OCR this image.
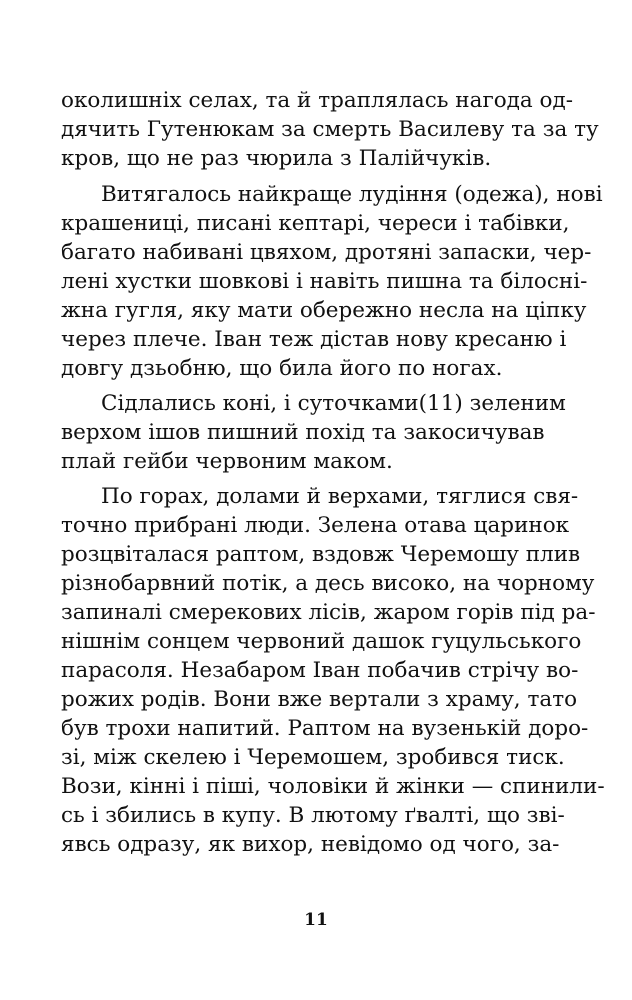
околишніх селах, та й траплялась нагода од-
дячить Гутенюкам за смерть Василеву та за ту
кров, що не раз чюрила з Палійчуків.
Витягалось найкраще лудіння (одежа), нові
крашениці, писані кептарі, череси і табівки,
багато набивані цвяхом, дротяні запаски, чер-
лені хустки шовкові і навіть пишна та білосні-
жна гугля, яку мати обережно несла на ціпку
через плече. Іван теж дістав нову кресаню і
довгу дзьобню, що била його по ногах.
Сідлались коні, і суточками(11) зеленим
верхом ішов пишний похід та закосичував
плай гейби червоним маком.
По горах, долами й верхами, тяглися свя-
точно прибрані люди. Зелена отава царинок
розцвіталася раптом, вздовж Черемошу плив
різнобарвний потік, а десь високо, на чорному
запиналі смерекових лісів, жаром горів під ра-
нішнім сонцем червоний дашок гуцульського
парасоля. Незабаром Іван побачив стрічу во-
рожих родів. Вони вже вертали з храму, тато
був трохи напитий. Раптом на вузенькій доро-
зі, між скелею і Черемошем, зробився тиск.
Вози, кінні і піші, чоловіки й жінки — спинили-
сь і збились в купу. В лютому ґвалті, що зві-
явсь одразу, як вихор, невідомо од чого, за-
11
